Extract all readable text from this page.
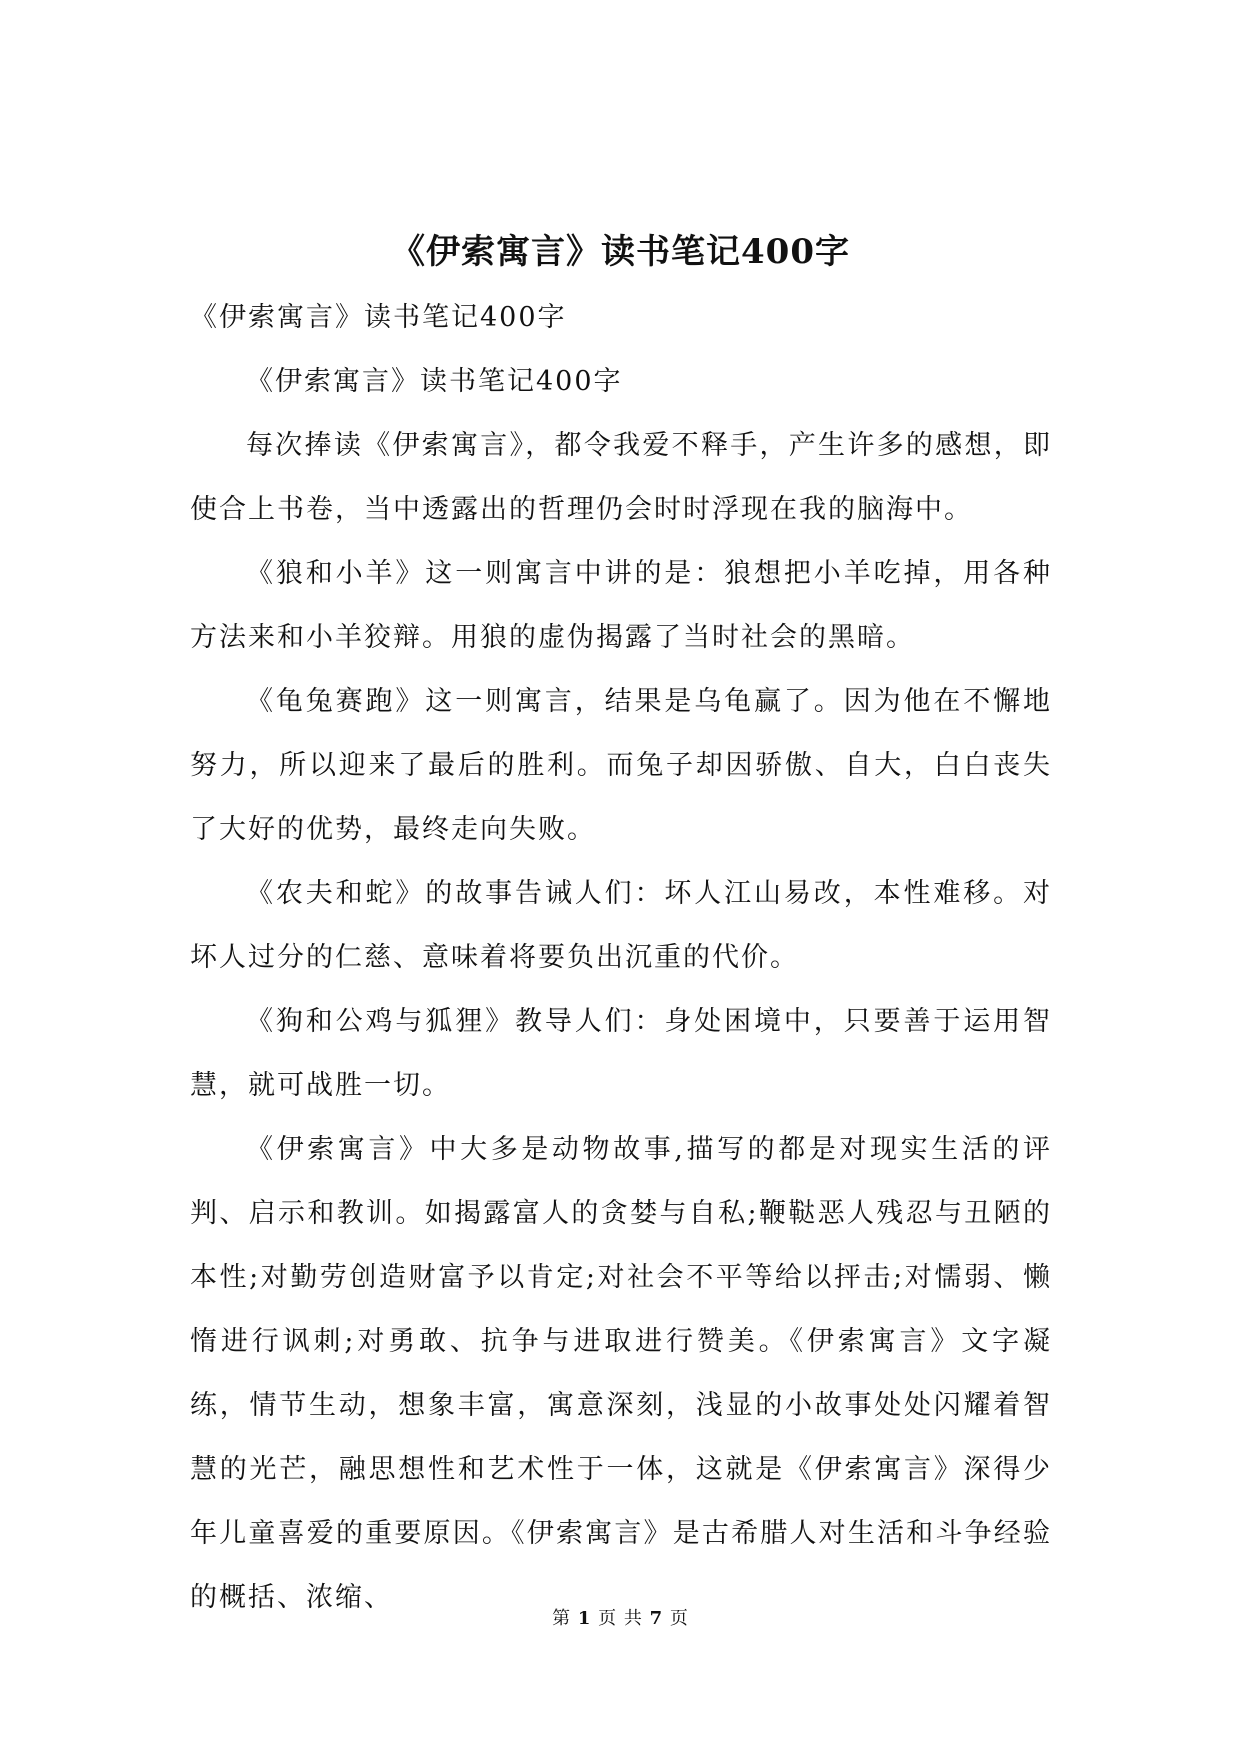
《伊索寓言》读书笔记400字

《伊索寓言》读书笔记400字

《伊索寓言》读书笔记400字

每次捧读《伊索寓言》，都令我爱不释手，产生许多的感想，即使合上书卷，当中透露出的哲理仍会时时浮现在我的脑海中。

《狼和小羊》这一则寓言中讲的是：狼想把小羊吃掉，用各种方法来和小羊狡辩。用狼的虚伪揭露了当时社会的黑暗。

《龟兔赛跑》这一则寓言，结果是乌龟赢了。因为他在不懈地努力，所以迎来了最后的胜利。而兔子却因骄傲、自大，白白丧失了大好的优势，最终走向失败。

《农夫和蛇》的故事告诫人们：坏人江山易改，本性难移。对坏人过分的仁慈、意味着将要负出沉重的代价。

《狗和公鸡与狐狸》教导人们：身处困境中，只要善于运用智慧，就可战胜一切。

《伊索寓言》中大多是动物故事,描写的都是对现实生活的评判、启示和教训。如揭露富人的贪婪与自私;鞭鞑恶人残忍与丑陋的本性;对勤劳创造财富予以肯定;对社会不平等给以抨击;对懦弱、懒惰进行讽刺;对勇敢、抗争与进取进行赞美。《伊索寓言》文字凝练，情节生动，想象丰富，寓意深刻，浅显的小故事处处闪耀着智慧的光芒，融思想性和艺术性于一体，这就是《伊索寓言》深得少年儿童喜爱的重要原因。《伊索寓言》是古希腊人对生活和斗争经验的概括、浓缩、

第 1 页 共 7 页
